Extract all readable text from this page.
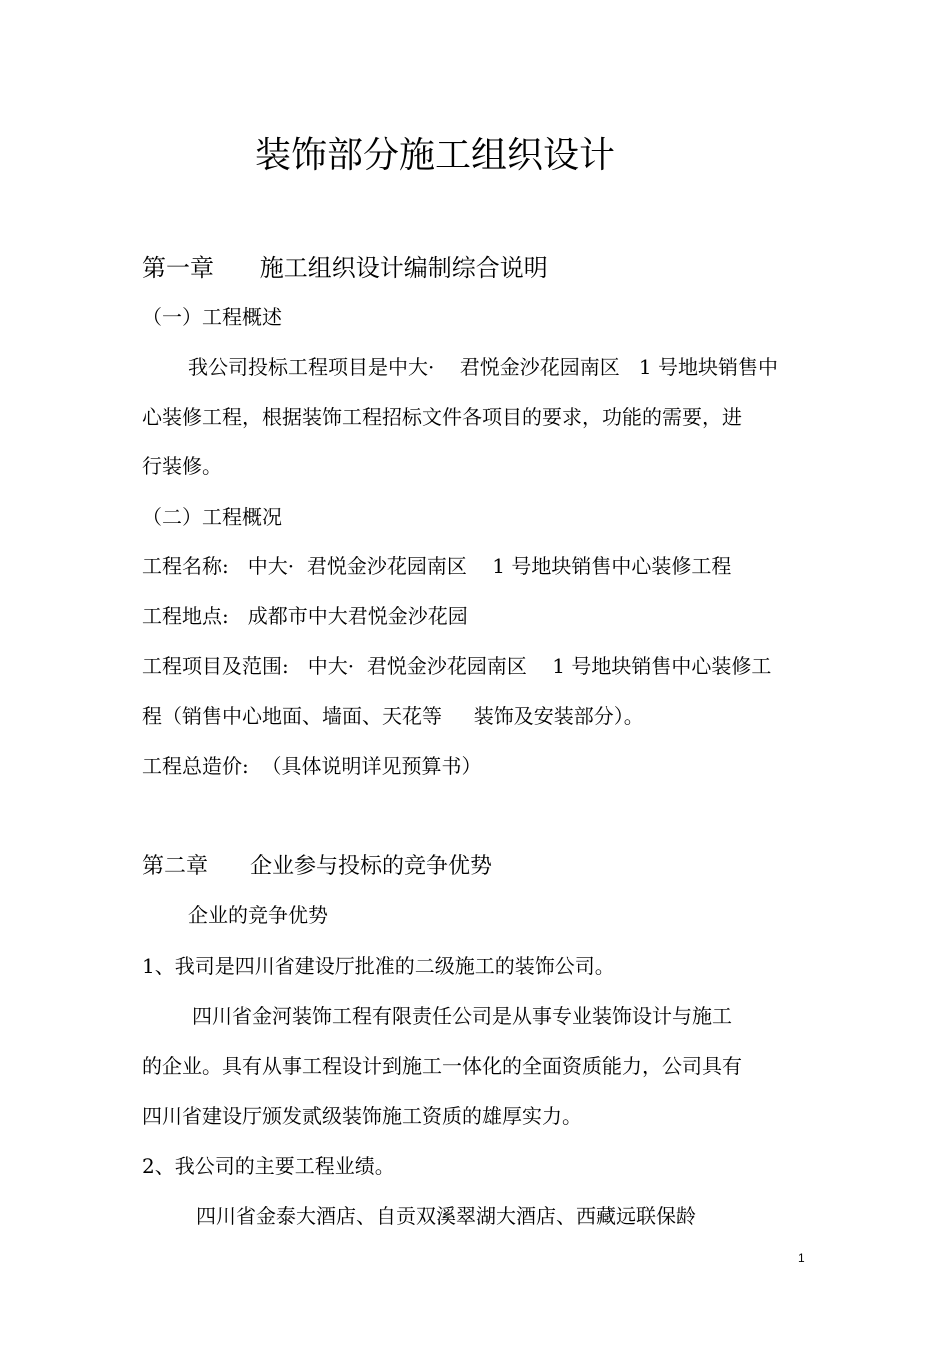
装饰部分施工组织设计
第一章      施工组织设计编制综合说明
（一）工程概述
我公司投标工程项目是中大·    君悦金沙花园南区   1 号地块销售中
心装修工程，根据装饰工程招标文件各项目的要求，功能的需要，进
行装修。
（二）工程概况
工程名称:   中大·  君悦金沙花园南区    1 号地块销售中心装修工程
工程地点:   成都市中大君悦金沙花园
工程项目及范围:   中大·  君悦金沙花园南区    1 号地块销售中心装修工
程（销售中心地面、墙面、天花等     装饰及安装部分）。
工程总造价:  （具体说明详见预算书）
第二章      企业参与投标的竞争优势
企业的竞争优势
1、我司是四川省建设厅批准的二级施工的装饰公司。
四川省金河装饰工程有限责任公司是从事专业装饰设计与施工
的企业。具有从事工程设计到施工一体化的全面资质能力，公司具有
四川省建设厅颁发贰级装饰施工资质的雄厚实力。
2、我公司的主要工程业绩。
四川省金泰大酒店、自贡双溪翠湖大酒店、西藏远联保龄
1
